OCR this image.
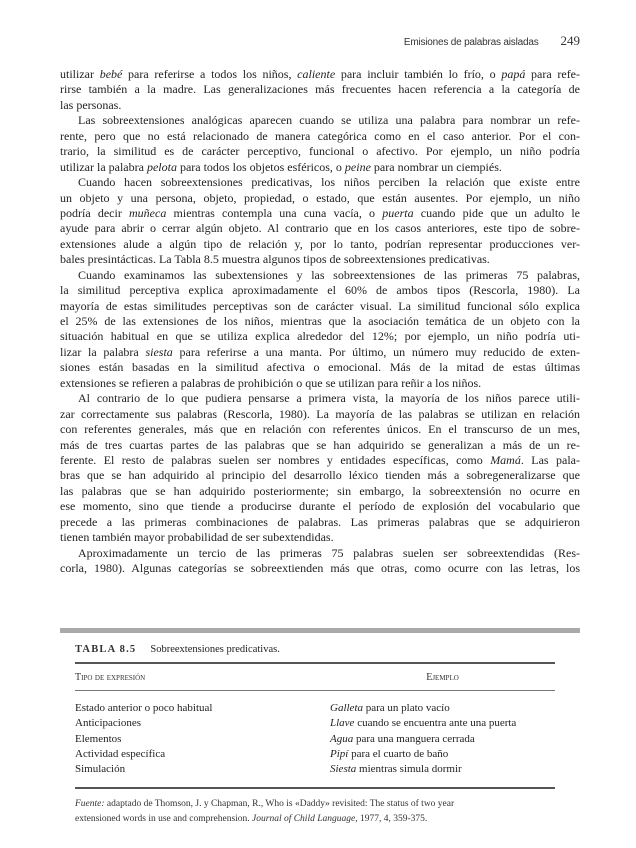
Emisiones de palabras aisladas 249
utilizar bebé para referirse a todos los niños, caliente para incluir también lo frío, o papá para refe-
rirse también a la madre. Las generalizaciones más frecuentes hacen referencia a la categoría de
las personas.
Las sobreextensiones analógicas aparecen cuando se utiliza una palabra para nombrar un refe-
rente, pero que no está relacionado de manera categórica como en el caso anterior. Por el con-
trario, la similitud es de carácter perceptivo, funcional o afectivo. Por ejemplo, un niño podría
utilizar la palabra pelota para todos los objetos esféricos, o peine para nombrar un ciempiés.
Cuando hacen sobreextensiones predicativas, los niños perciben la relación que existe entre
un objeto y una persona, objeto, propiedad, o estado, que están ausentes. Por ejemplo, un niño
podría decir muñeca mientras contempla una cuna vacía, o puerta cuando pide que un adulto le
ayude para abrir o cerrar algún objeto. Al contrario que en los casos anteriores, este tipo de sobre-
extensiones alude a algún tipo de relación y, por lo tanto, podrían representar producciones ver-
bales presintácticas. La Tabla 8.5 muestra algunos tipos de sobreextensiones predicativas.
Cuando examinamos las subextensiones y las sobreextensiones de las primeras 75 palabras,
la similitud perceptiva explica aproximadamente el 60% de ambos tipos (Rescorla, 1980). La
mayoría de estas similitudes perceptivas son de carácter visual. La similitud funcional sólo explica
el 25% de las extensiones de los niños, mientras que la asociación temática de un objeto con la
situación habitual en que se utiliza explica alrededor del 12%; por ejemplo, un niño podría uti-
lizar la palabra siesta para referirse a una manta. Por último, un número muy reducido de exten-
siones están basadas en la similitud afectiva o emocional. Más de la mitad de estas últimas
extensiones se refieren a palabras de prohibición o que se utilizan para reñir a los niños.
Al contrario de lo que pudiera pensarse a primera vista, la mayoría de los niños parece utili-
zar correctamente sus palabras (Rescorla, 1980). La mayoría de las palabras se utilizan en relación
con referentes generales, más que en relación con referentes únicos. En el transcurso de un mes,
más de tres cuartas partes de las palabras que se han adquirido se generalizan a más de un re-
ferente. El resto de palabras suelen ser nombres y entidades específicas, como Mamá. Las pala-
bras que se han adquirido al principio del desarrollo léxico tienden más a sobregeneralizarse que
las palabras que se han adquirido posteriormente; sin embargo, la sobreextensión no ocurre en
ese momento, sino que tiende a producirse durante el período de explosión del vocabulario que
precede a las primeras combinaciones de palabras. Las primeras palabras que se adquirieron
tienen también mayor probabilidad de ser subextendidas.
Aproximadamente un tercio de las primeras 75 palabras suelen ser sobreextendidas (Res-
corla, 1980). Algunas categorías se sobreextienden más que otras, como ocurre con las letras, los
TABLA 8.5 Sobreextensiones predicativas.
Tipo de expresión	Ejemplo
Estado anterior o poco habitual	Galleta para un plato vacío
Anticipaciones	Llave cuando se encuentra ante una puerta
Elementos	Agua para una manguera cerrada
Actividad específica	Pipí para el cuarto de baño
Simulación	Siesta mientras simula dormir
Fuente: adaptado de Thomson, J. y Chapman, R., Who is «Daddy» revisited: The status of two year
extensioned words in use and comprehension. Journal of Child Language, 1977, 4, 359-375.
